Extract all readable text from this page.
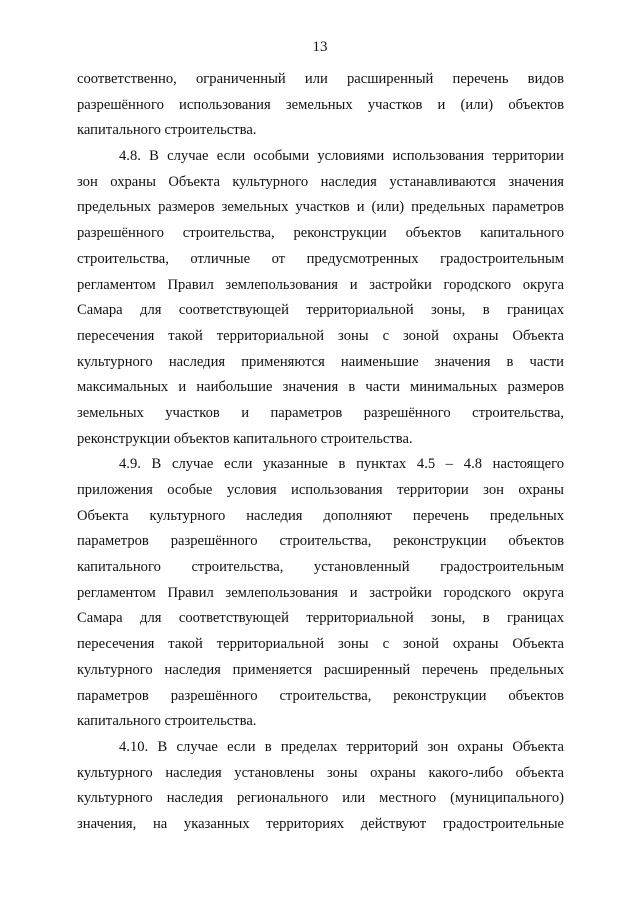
13
соответственно, ограниченный или расширенный перечень видов
разрешённого использования земельных участков и (или) объектов
капитального строительства.
4.8. В случае если особыми условиями использования территории
зон охраны Объекта культурного наследия устанавливаются значения
предельных размеров земельных участков и (или) предельных параметров
разрешённого строительства, реконструкции объектов капитального
строительства, отличные от предусмотренных градостроительным
регламентом Правил землепользования и застройки городского округа
Самара для соответствующей территориальной зоны, в границах
пересечения такой территориальной зоны с зоной охраны Объекта
культурного наследия применяются наименьшие значения в части
максимальных и наибольшие значения в части минимальных размеров
земельных участков и параметров разрешённого строительства,
реконструкции объектов капитального строительства.
4.9. В случае если указанные в пунктах 4.5 – 4.8 настоящего
приложения особые условия использования территории зон охраны
Объекта культурного наследия дополняют перечень предельных
параметров разрешённого строительства, реконструкции объектов
капитального строительства, установленный градостроительным
регламентом Правил землепользования и застройки городского округа
Самара для соответствующей территориальной зоны, в границах
пересечения такой территориальной зоны с зоной охраны Объекта
культурного наследия применяется расширенный перечень предельных
параметров разрешённого строительства, реконструкции объектов
капитального строительства.
4.10. В случае если в пределах территорий зон охраны Объекта
культурного наследия установлены зоны охраны какого-либо объекта
культурного наследия регионального или местного (муниципального)
значения, на указанных территориях действуют градостроительные
